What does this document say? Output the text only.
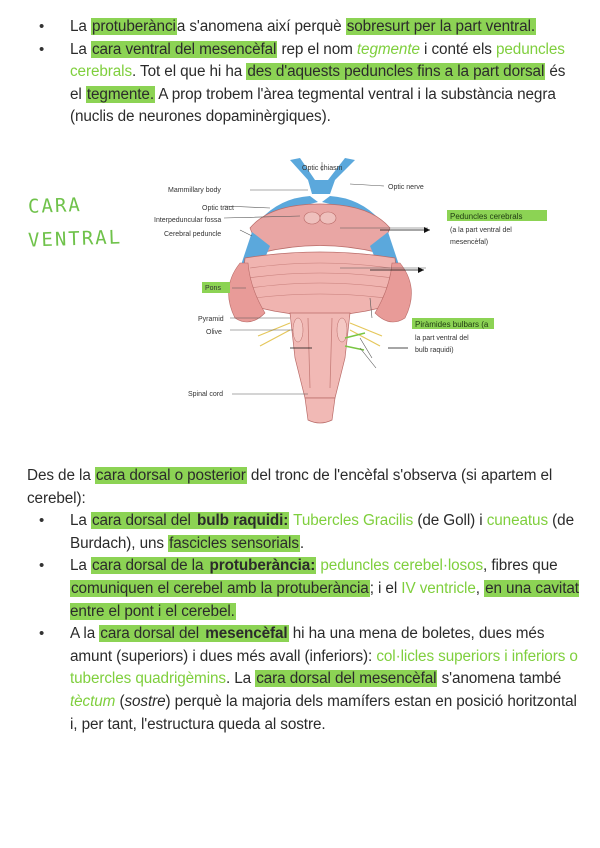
• La protuberància s'anomena així perquè sobresurt per la part ventral.
• La cara ventral del mesencèfal rep el nom tegmente i conté els peduncles cerebrals. Tot el que hi ha des d'aquests peduncles fins a la part dorsal és el tegmente. A prop trobem l'àrea tegmental ventral i la substància negra (nuclis de neurones dopaminèrgiques).
CARA
VENTRAL
Mammillary body
Optic tract
Interpeduncular fossa
Cerebral peduncle
Pons
Pyramid
Olive
Spinal cord
Optic chiasm
Optic nerve
Peduncles cerebrals
(a la part ventral del
mesencèfal)
Piràmides bulbars (a
la part ventral del
bulb raquidi)

Des de la cara dorsal o posterior del tronc de l'encèfal s'observa (si apartem el cerebel):

• La cara dorsal del bulb raquidi: Tubercles Gracilis (de Goll) i cuneatus (de Burdach), uns fascicles sensorials.
• La cara dorsal de la protuberància: peduncles cerebel·losos, fibres que comuniquen el cerebel amb la protuberància; i el IV ventricle, en una cavitat entre el pont i el cerebel.
• A la cara dorsal del mesencèfal hi ha una mena de boletes, dues més amunt (superiors) i dues més avall (inferiors): col·licles superiors i inferiors o tubercles quadrigèmins. La cara dorsal del mesencèfal s'anomena també tèctum (sostre) perquè la majoria dels mamífers estan en posició horitzontal i, per tant, l'estructura queda al sostre.
